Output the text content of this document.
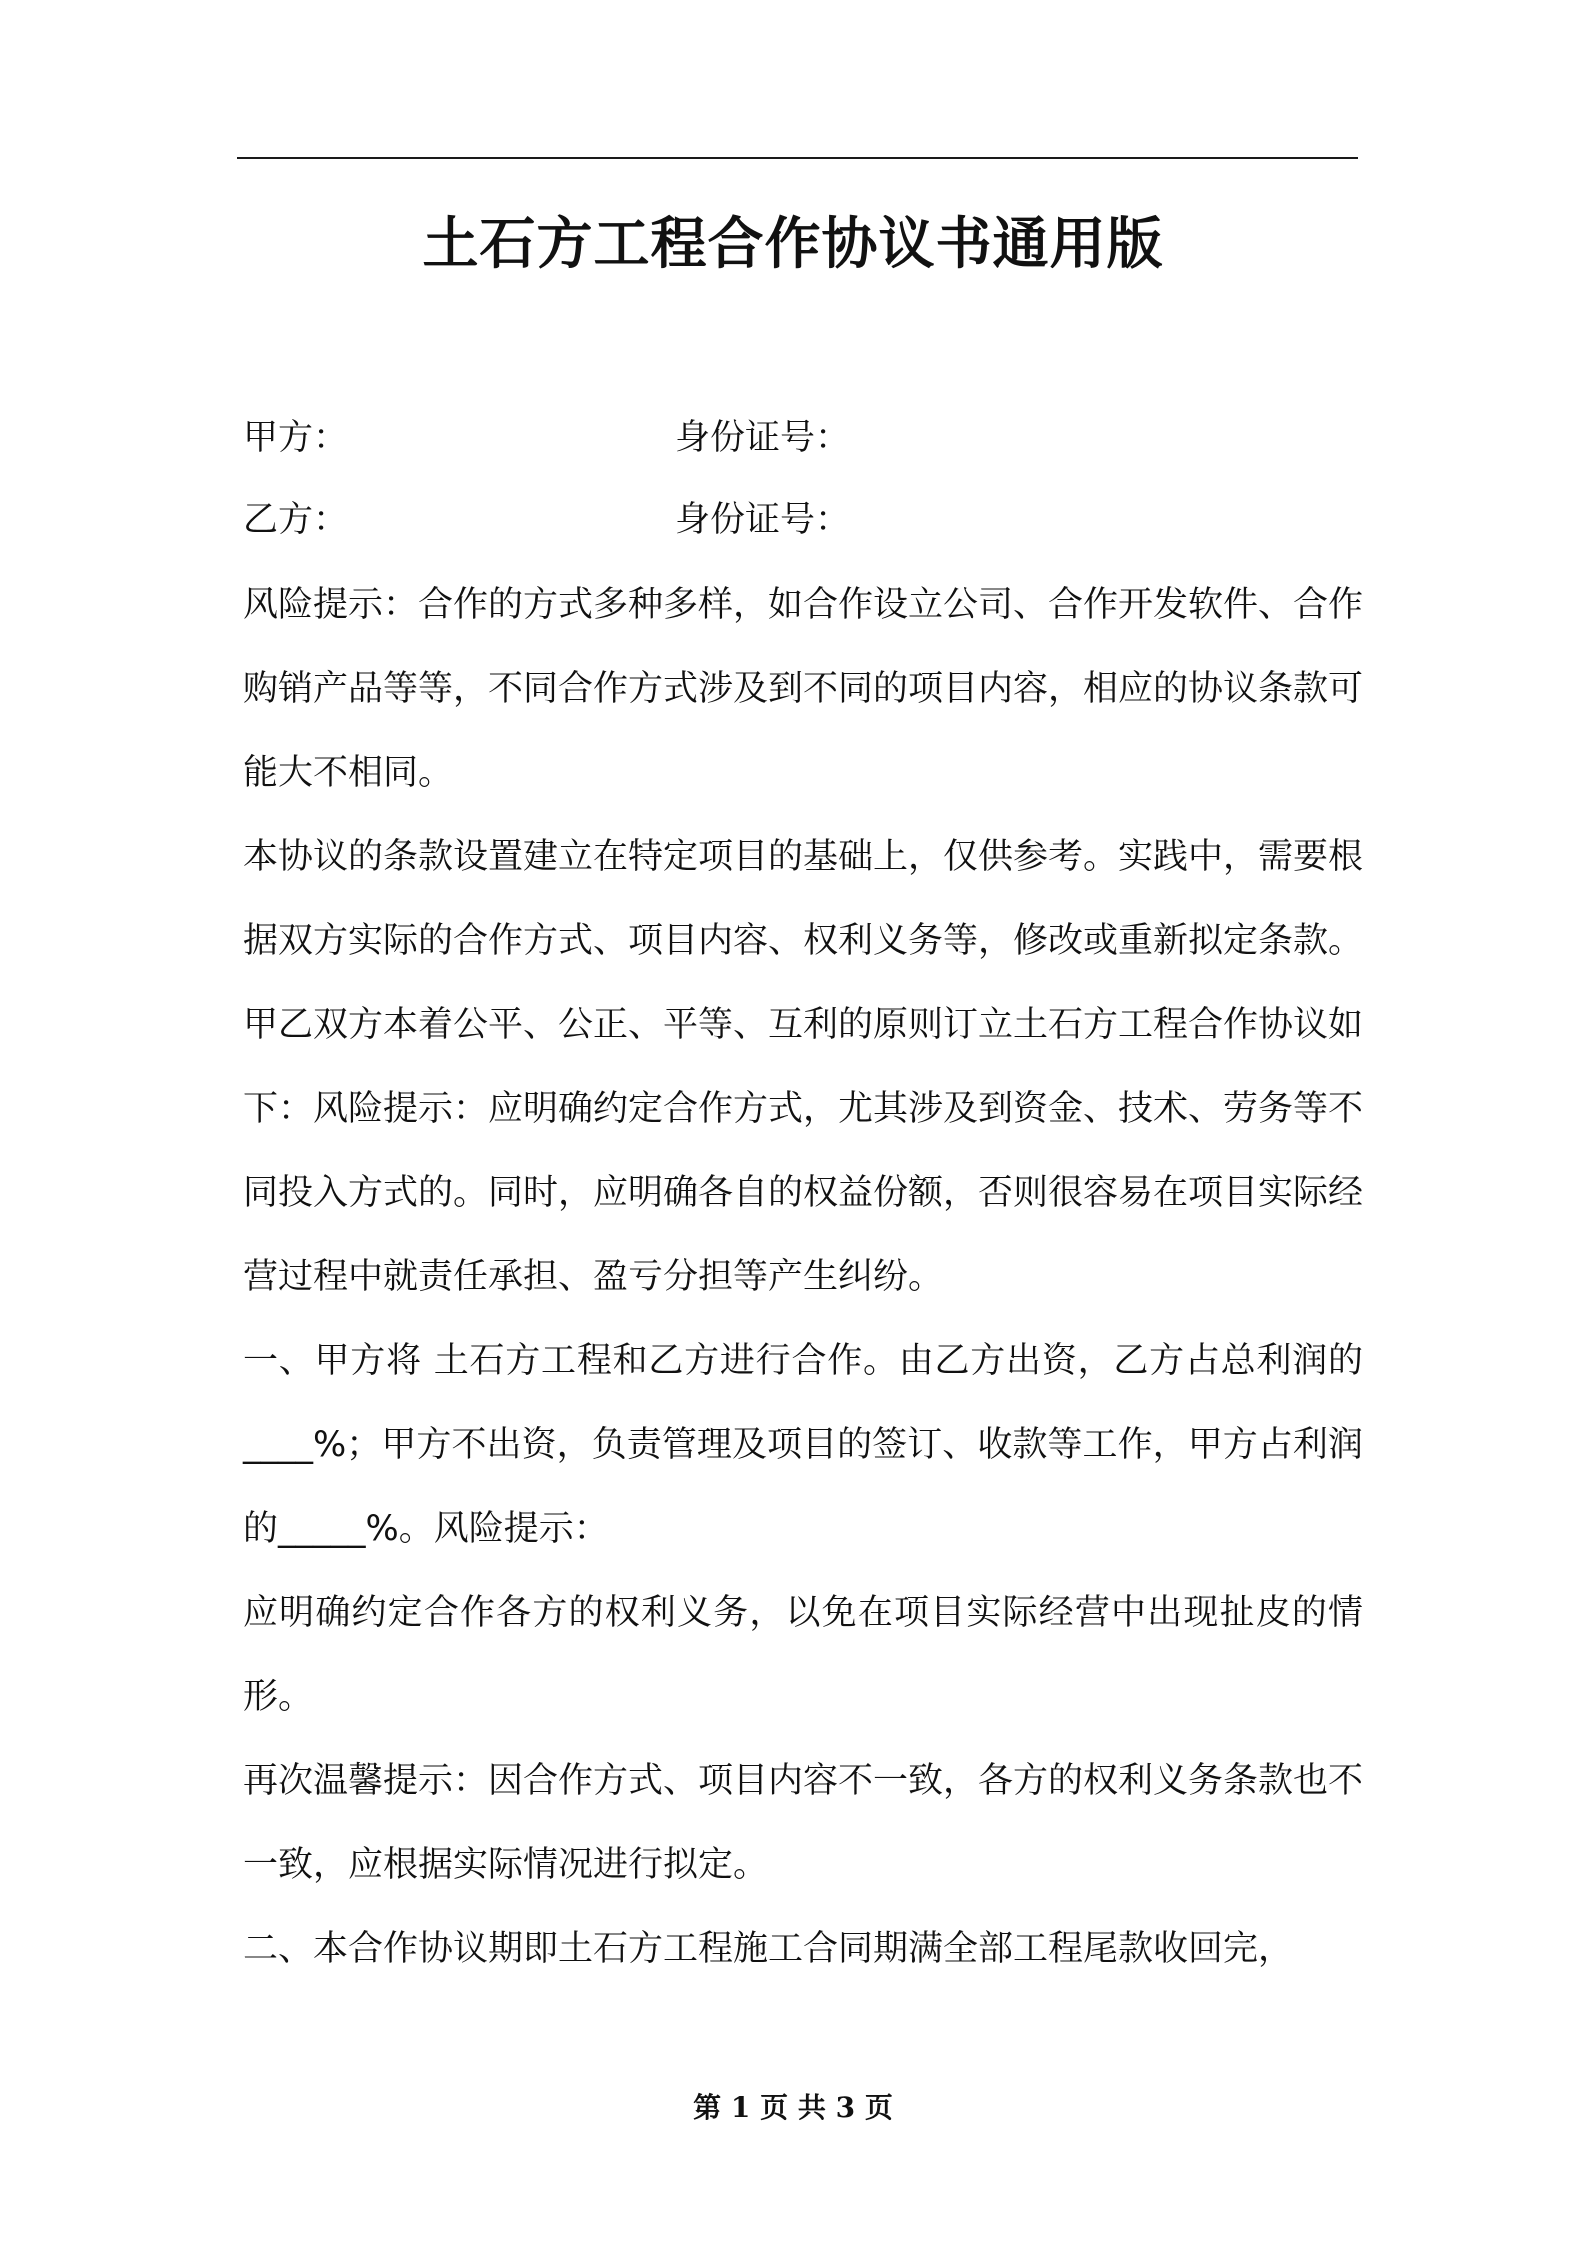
土石方工程合作协议书通用版
甲方：	身份证号：
乙方：	身份证号：

风险提示：合作的方式多种多样，如合作设立公司、合作开发软件、合作购销产品等等，不同合作方式涉及到不同的项目内容，相应的协议条款可能大不相同。

本协议的条款设置建立在特定项目的基础上，仅供参考。实践中，需要根据双方实际的合作方式、项目内容、权利义务等，修改或重新拟定条款。 甲乙双方本着公平、公正、平等、互利的原则订立土石方工程合作协议如下：风险提示：应明确约定合作方式，尤其涉及到资金、技术、劳务等不同投入方式的。同时，应明确各自的权益份额，否则很容易在项目实际经营过程中就责任承担、盈亏分担等产生纠纷。

一、甲方将 土石方工程和乙方进行合作。由乙方出资，乙方占总利润的____%；甲方不出资，负责管理及项目的签订、收款等工作，甲方占利润的_____%。风险提示：

应明确约定合作各方的权利义务，以免在项目实际经营中出现扯皮的情形。

再次温馨提示：因合作方式、项目内容不一致，各方的权利义务条款也不一致，应根据实际情况进行拟定。

二、本合作协议期即土石方工程施工合同期满全部工程尾款收回完，

第 1 页 共 3 页
